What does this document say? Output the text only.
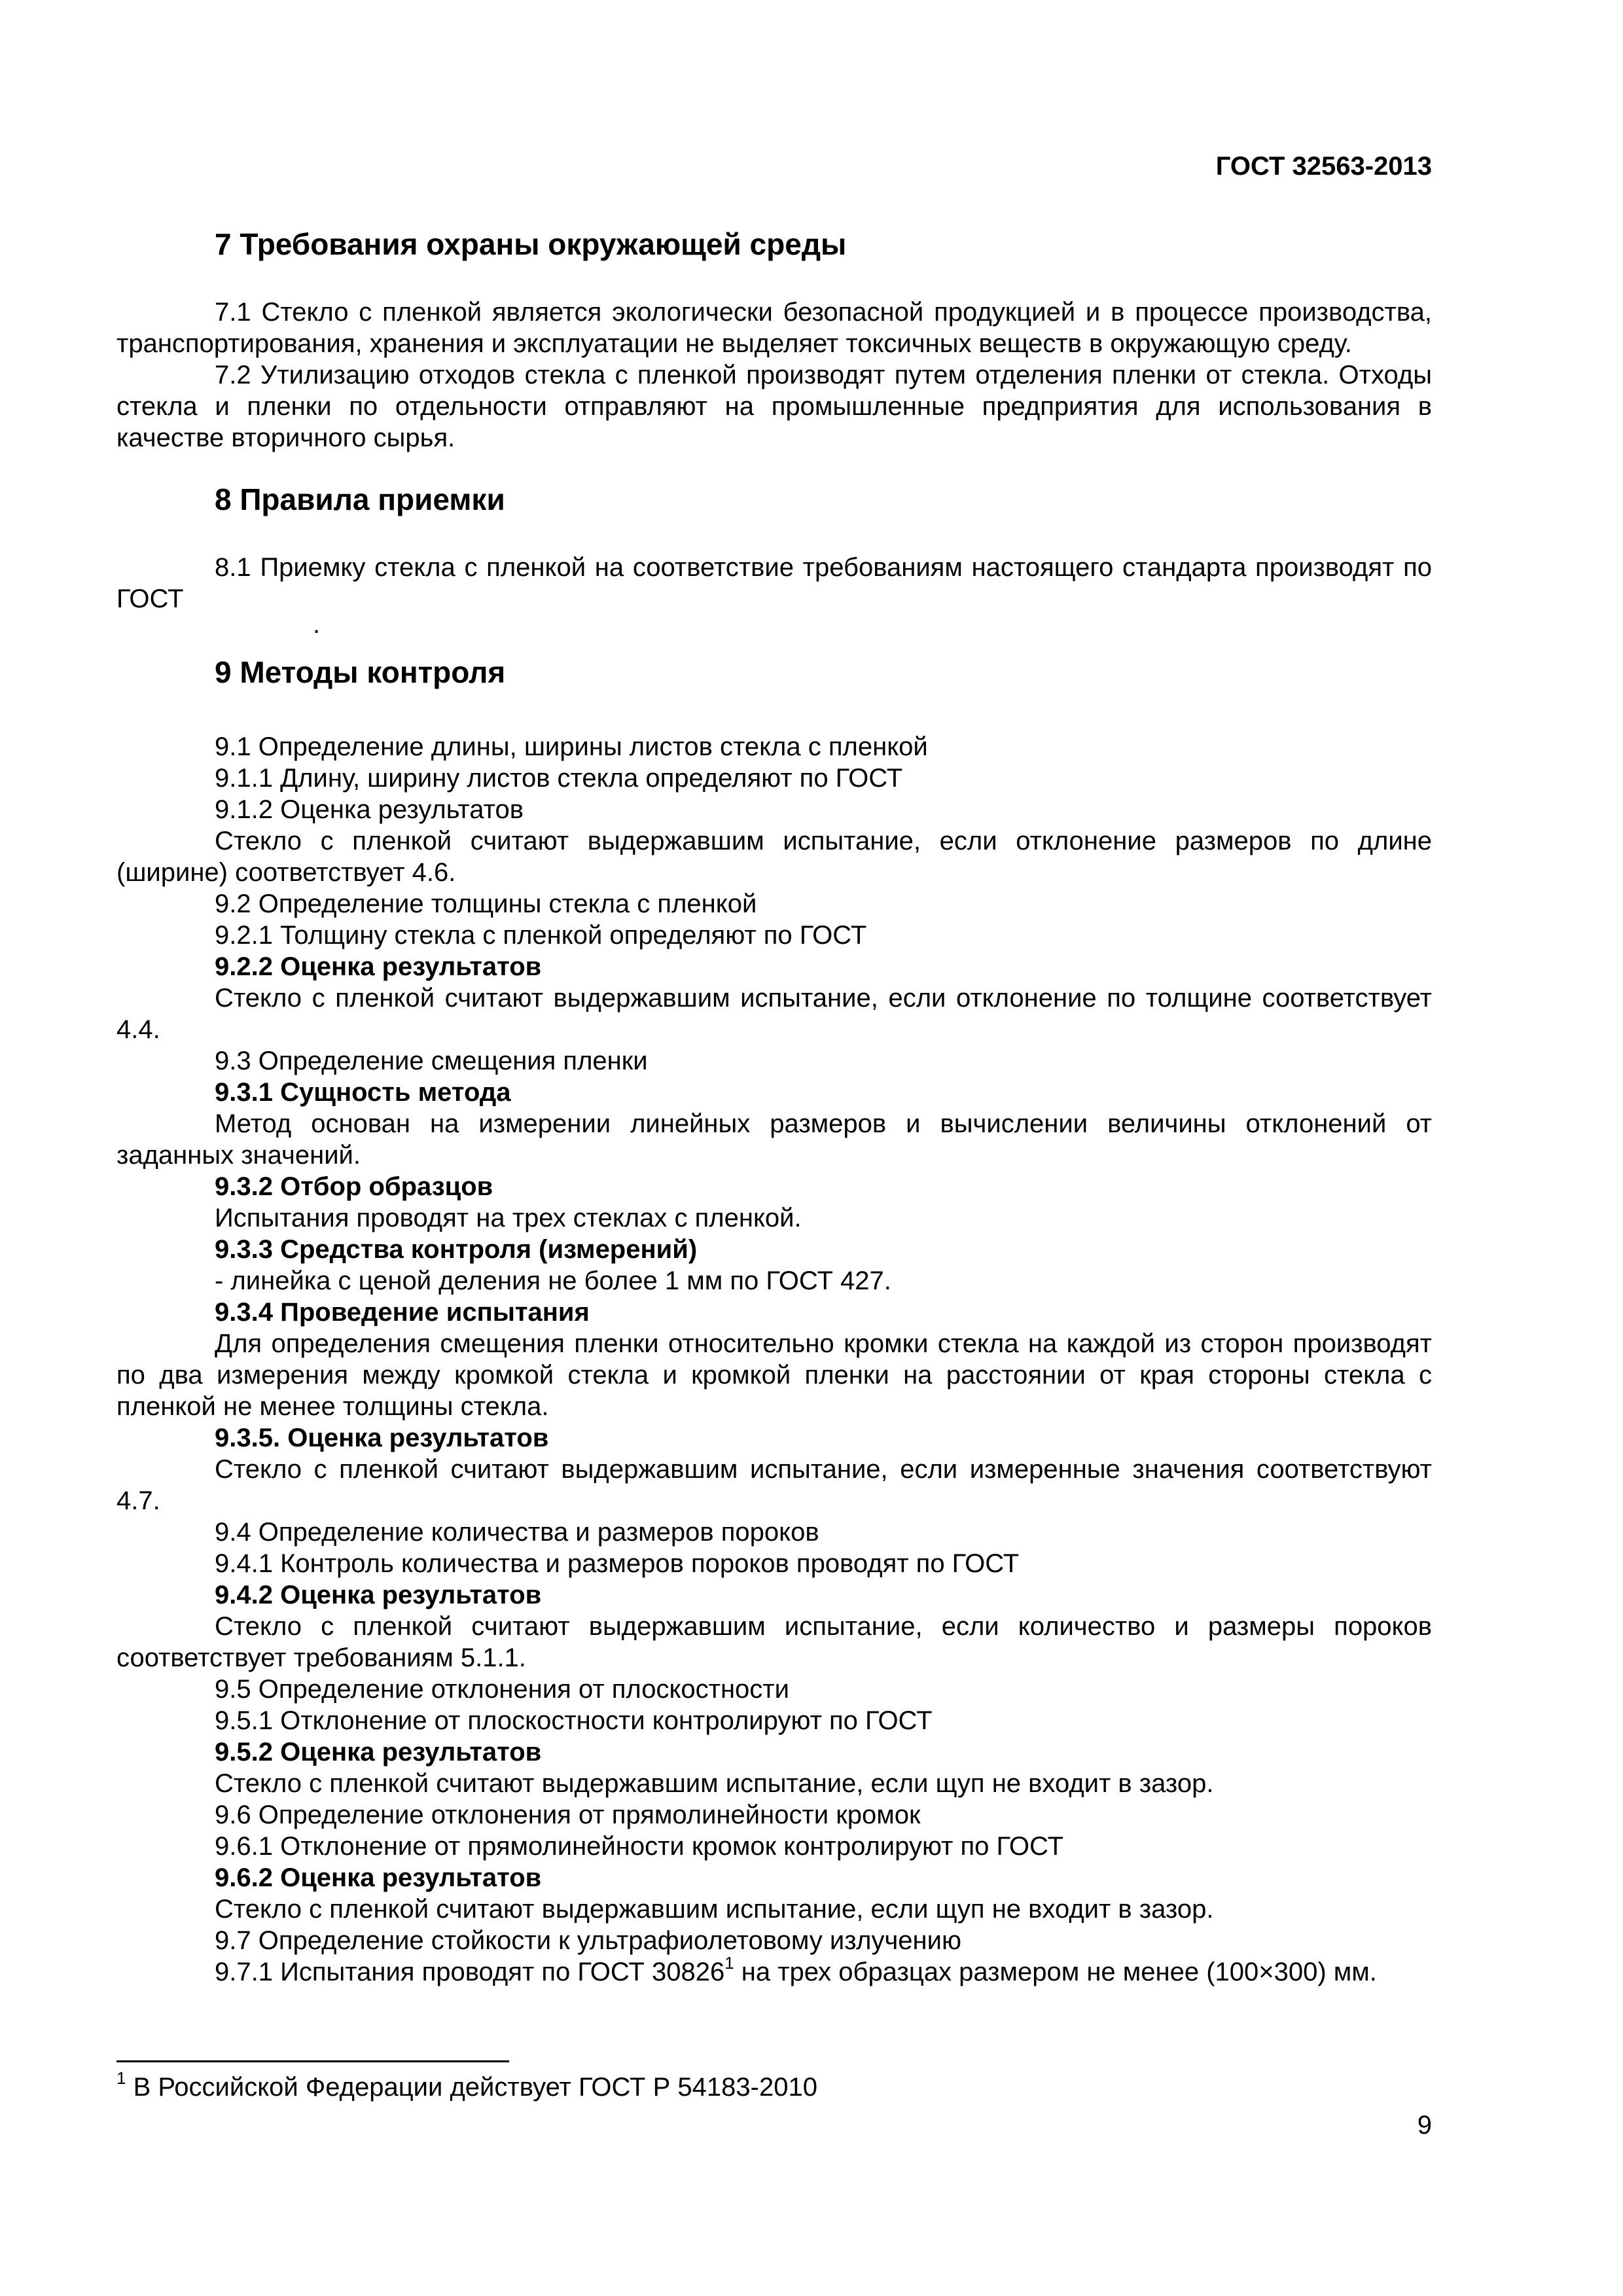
ГОСТ 32563-2013
7 Требования охраны окружающей среды

7.1 Стекло с пленкой является экологически безопасной продукцией и в процессе производства, транспортирования, хранения и эксплуатации не выделяет токсичных веществ в окружающую среду.

7.2 Утилизацию отходов стекла с пленкой производят путем отделения пленки от стекла. Отходы стекла и пленки по отдельности отправляют на промышленные предприятия для использования в качестве вторичного сырья.

8 Правила приемки

8.1 Приемку стекла с пленкой на соответствие требованиям настоящего стандарта производят по ГОСТ

.
9 Методы контроля

9.1 Определение длины, ширины листов стекла с пленкой

9.1.1 Длину, ширину листов стекла определяют по ГОСТ

9.1.2 Оценка результатов

Стекло с пленкой считают выдержавшим испытание, если отклонение размеров по длине (ширине) соответствует 4.6.

9.2 Определение толщины стекла с пленкой

9.2.1 Толщину стекла с пленкой определяют по ГОСТ

9.2.2 Оценка результатов

Стекло с пленкой считают выдержавшим испытание, если отклонение по толщине соответствует 4.4.

9.3 Определение смещения пленки

9.3.1 Сущность метода

Метод основан на измерении линейных размеров и вычислении величины отклонений от заданных значений.

9.3.2 Отбор образцов

Испытания проводят на трех стеклах с пленкой.

9.3.3 Средства контроля (измерений)

- линейка с ценой деления не более 1 мм по ГОСТ 427.

9.3.4 Проведение испытания

Для определения смещения пленки относительно кромки стекла на каждой из сторон производят по два измерения между кромкой стекла и кромкой пленки на расстоянии от края стороны стекла с пленкой не менее толщины стекла.

9.3.5. Оценка результатов

Стекло с пленкой считают выдержавшим испытание, если измеренные значения соответствуют 4.7.

9.4 Определение количества и размеров пороков

9.4.1 Контроль количества и размеров пороков проводят по ГОСТ

9.4.2 Оценка результатов

Стекло с пленкой считают выдержавшим испытание, если количество и размеры пороков соответствует требованиям 5.1.1.

9.5 Определение отклонения от плоскостности

9.5.1 Отклонение от плоскостности контролируют по ГОСТ

9.5.2 Оценка результатов

Стекло с пленкой считают выдержавшим испытание, если щуп не входит в зазор.

9.6 Определение отклонения от прямолинейности кромок

9.6.1 Отклонение от прямолинейности кромок контролируют по ГОСТ

9.6.2 Оценка результатов

Стекло с пленкой считают выдержавшим испытание, если щуп не входит в зазор.

9.7 Определение стойкости к ультрафиолетовому излучению

9.7.1 Испытания проводят по ГОСТ 30826$^1$ на трех образцах размером не менее (100×300) мм.

$^1$ В Российской Федерации действует ГОСТ Р 54183-2010
9
